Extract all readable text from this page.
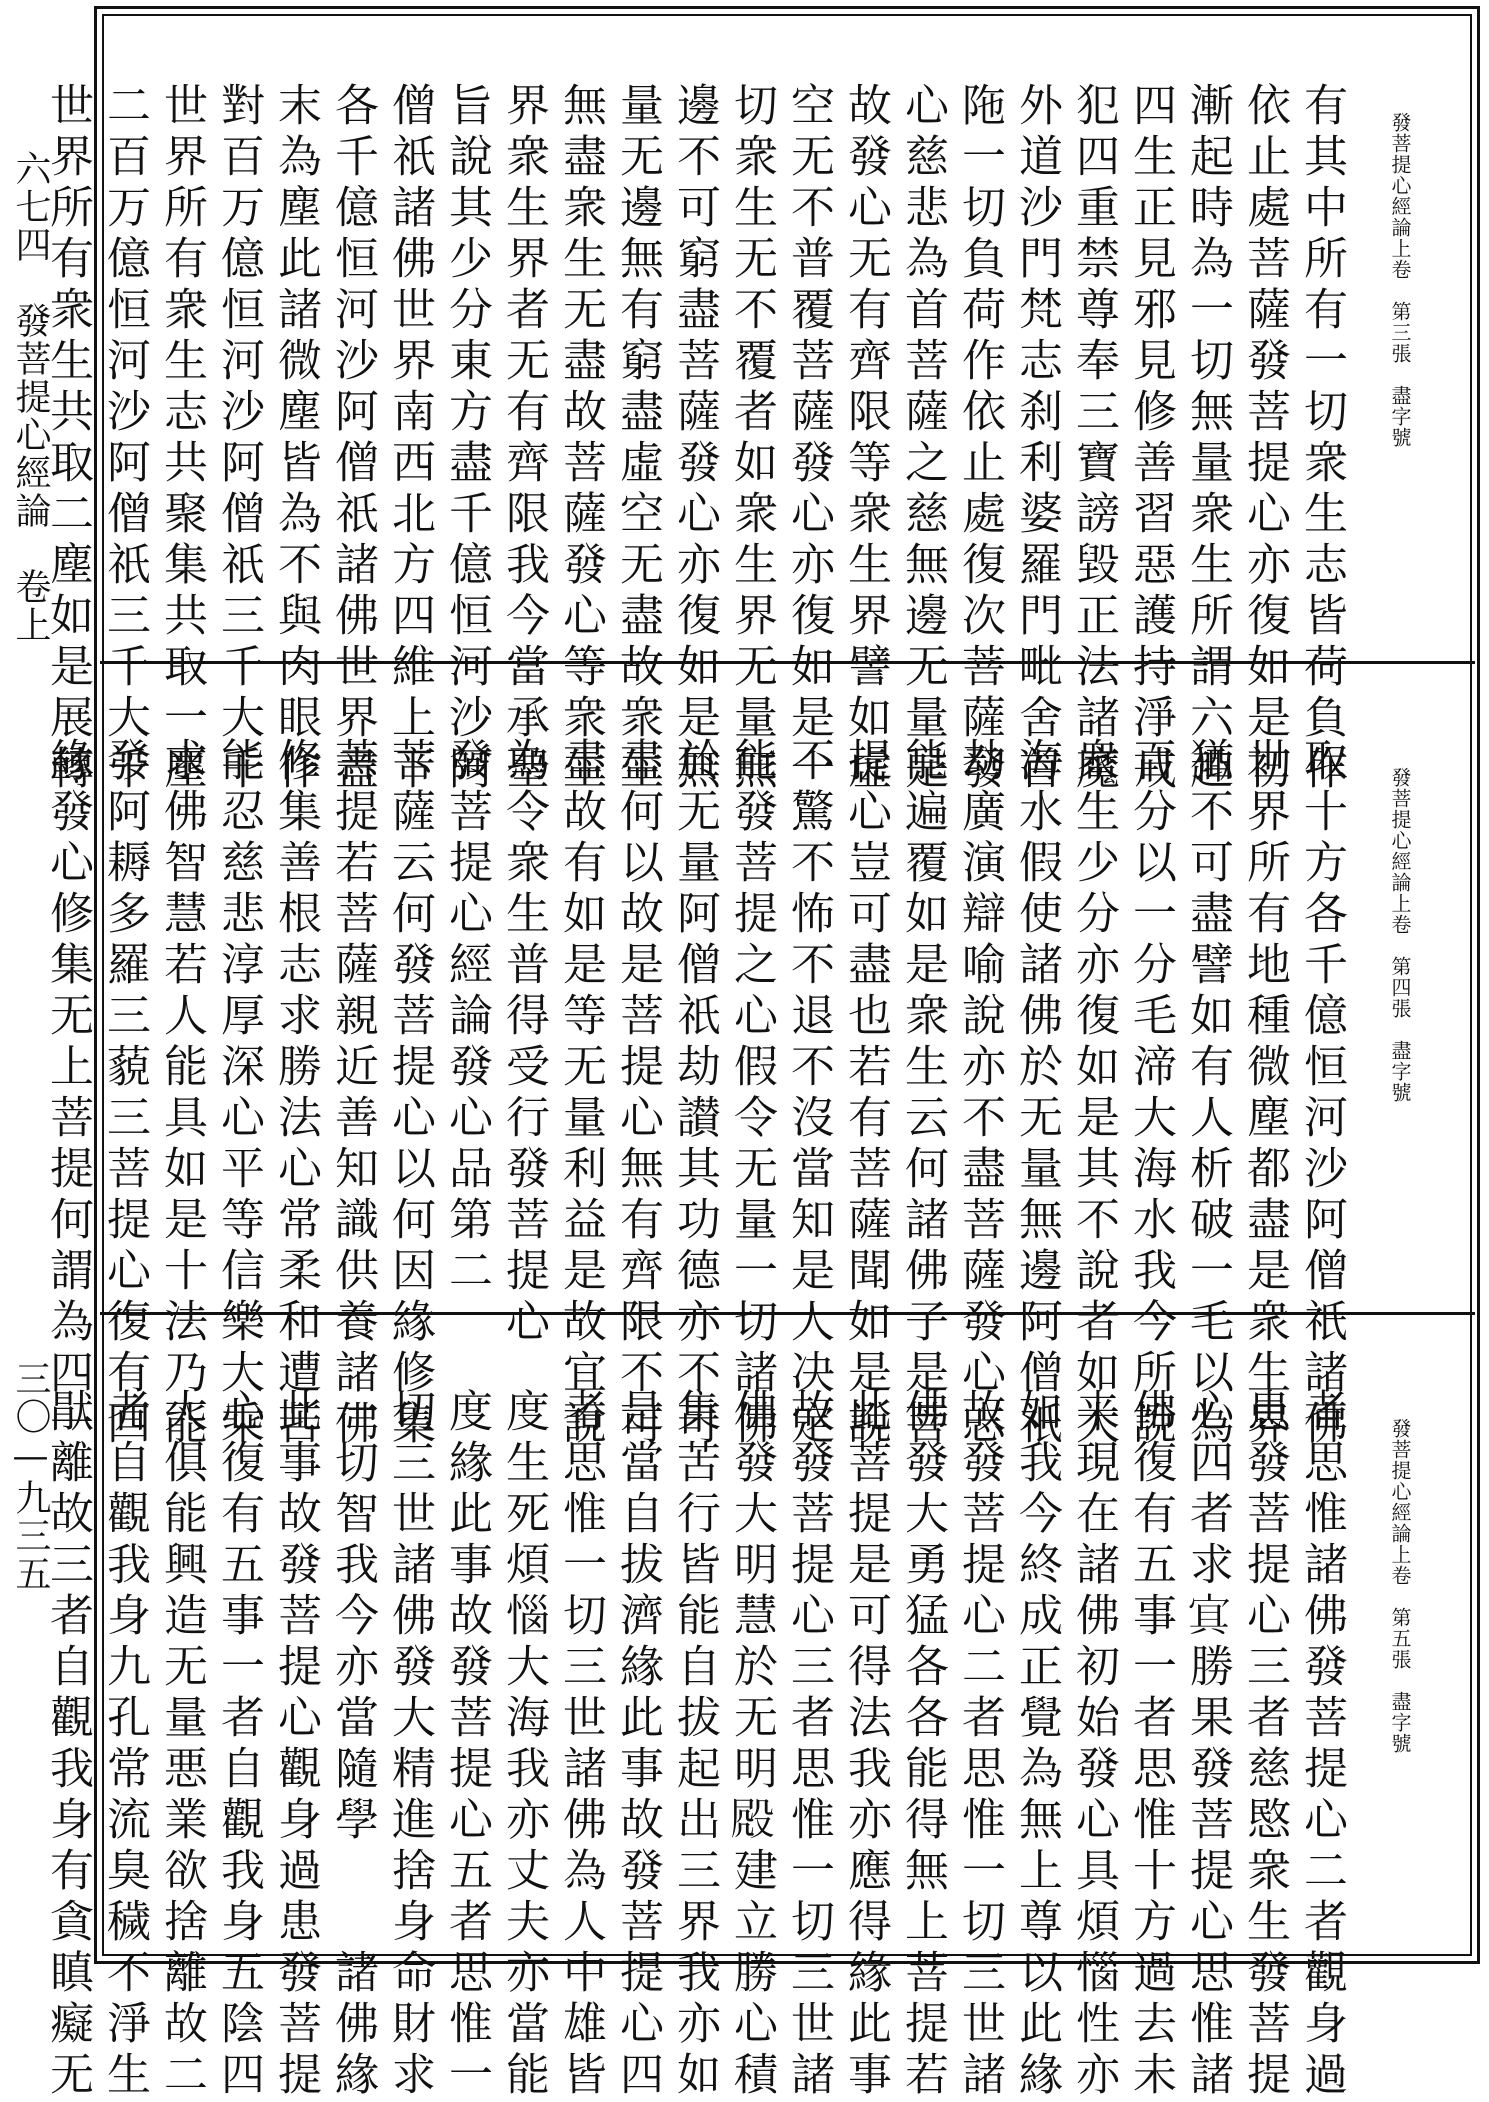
六七四　發菩提心經論　卷上
三〇—九三五
發菩提心經論上卷　第三張　盡字號
有其中所有一切衆生志皆荷負作
依止處菩薩發菩提心亦復如是初
漸起時為一切無量衆生所謂六趣
四生正見邪見修善習惡護持淨戒
犯四重禁尊奉三寶謗毀正法諸魔
外道沙門梵志刹利婆羅門毗舍首
陁一切負荷作依止處復次菩薩發
心慈悲為首菩薩之慈無邊无量是
故發心无有齊限等衆生界譬如虛
空无不普覆菩薩發心亦復如是一
切衆生无不覆者如衆生界无量無
邊不可窮盡菩薩發心亦復如是無
量无邊無有窮盡虛空无盡故衆生
無盡衆生无盡故菩薩發心等衆生
界衆生界者无有齊限我今當承聖
旨說其少分東方盡千億恒河沙阿
僧祇諸佛世界南西北方四維上下
各千億恒河沙阿僧祇諸佛世界盡
末為塵此諸微塵皆為不與肉眼作
對百万億恒河沙阿僧祇三千大千
世界所有衆生志共聚集共取一塵
二百万億恒河沙阿僧祇三千大千
世界所有衆生共取二塵如是展轉
發菩提心經論上卷　第四張　盡字號
取十方各千億恒河沙阿僧祇諸佛
世界所有地種微塵都盡是衆生界
猶不可盡譬如有人析破一毛以為
百分以一分毛渧大海水我今所說
衆生少分亦復如是其不說者如大
海水假使諸佛於无量無邊阿僧祇
劫廣演辯喻說亦不盡菩薩發心志
能遍覆如是衆生云何諸佛子是菩
提心豈可盡也若有菩薩聞如是說
不驚不怖不退不沒當知是人决定
能發菩提之心假令无量一切諸佛
於无量阿僧祇劫讃其功德亦不可
盡何以故是菩提心無有齊限不可
盡故有如是等无量利益是故宜說
為令衆生普得受行發菩提心
發菩提心經論發心品第二
菩薩云何發菩提心以何因緣修集
菩提若菩薩親近善知識供養諸佛
修集善根志求勝法心常柔和遭苦
能忍慈悲淳厚深心平等信樂大乘
求佛智慧若人能具如是十法乃能
發阿耨多羅三藐三菩提心復有四
緣發心修集无上菩提何謂為四一
發菩提心經論上卷　第五張　盡字號
者思惟諸佛發菩提心二者觀身過
患發菩提心三者慈愍衆生發菩提
心四者求𡨋勝果發菩提心思惟諸
佛復有五事一者思惟十方過去未
来現在諸佛初始發心具煩惱性亦
如我今終成正覺為無上尊以此緣
故發菩提心二者思惟一切三世諸
佛發大勇猛各各能得無上菩提若
此菩提是可得法我亦應得緣此事
故發菩提心三者思惟一切三世諸
佛發大明慧於无明𣪍建立勝心積
集苦行皆能自拔起出三界我亦如
是當自拔濟緣此事故發菩提心四
者思惟一切三世諸佛為人中雄皆
度生死煩惱大海我亦丈夫亦當能
度緣此事故發菩提心五者思惟一
切三世諸佛發大精進捨身命財求
一切智我今亦當隨學　　諸佛緣
此事故發菩提心觀身過患發菩提
心復有五事一者自觀我身五陰四
大俱能興造无量悪業欲捨離故二
者自觀我身九孔常流臭穢不淨生
猒離故三者自觀我身有貪瞋癡无
